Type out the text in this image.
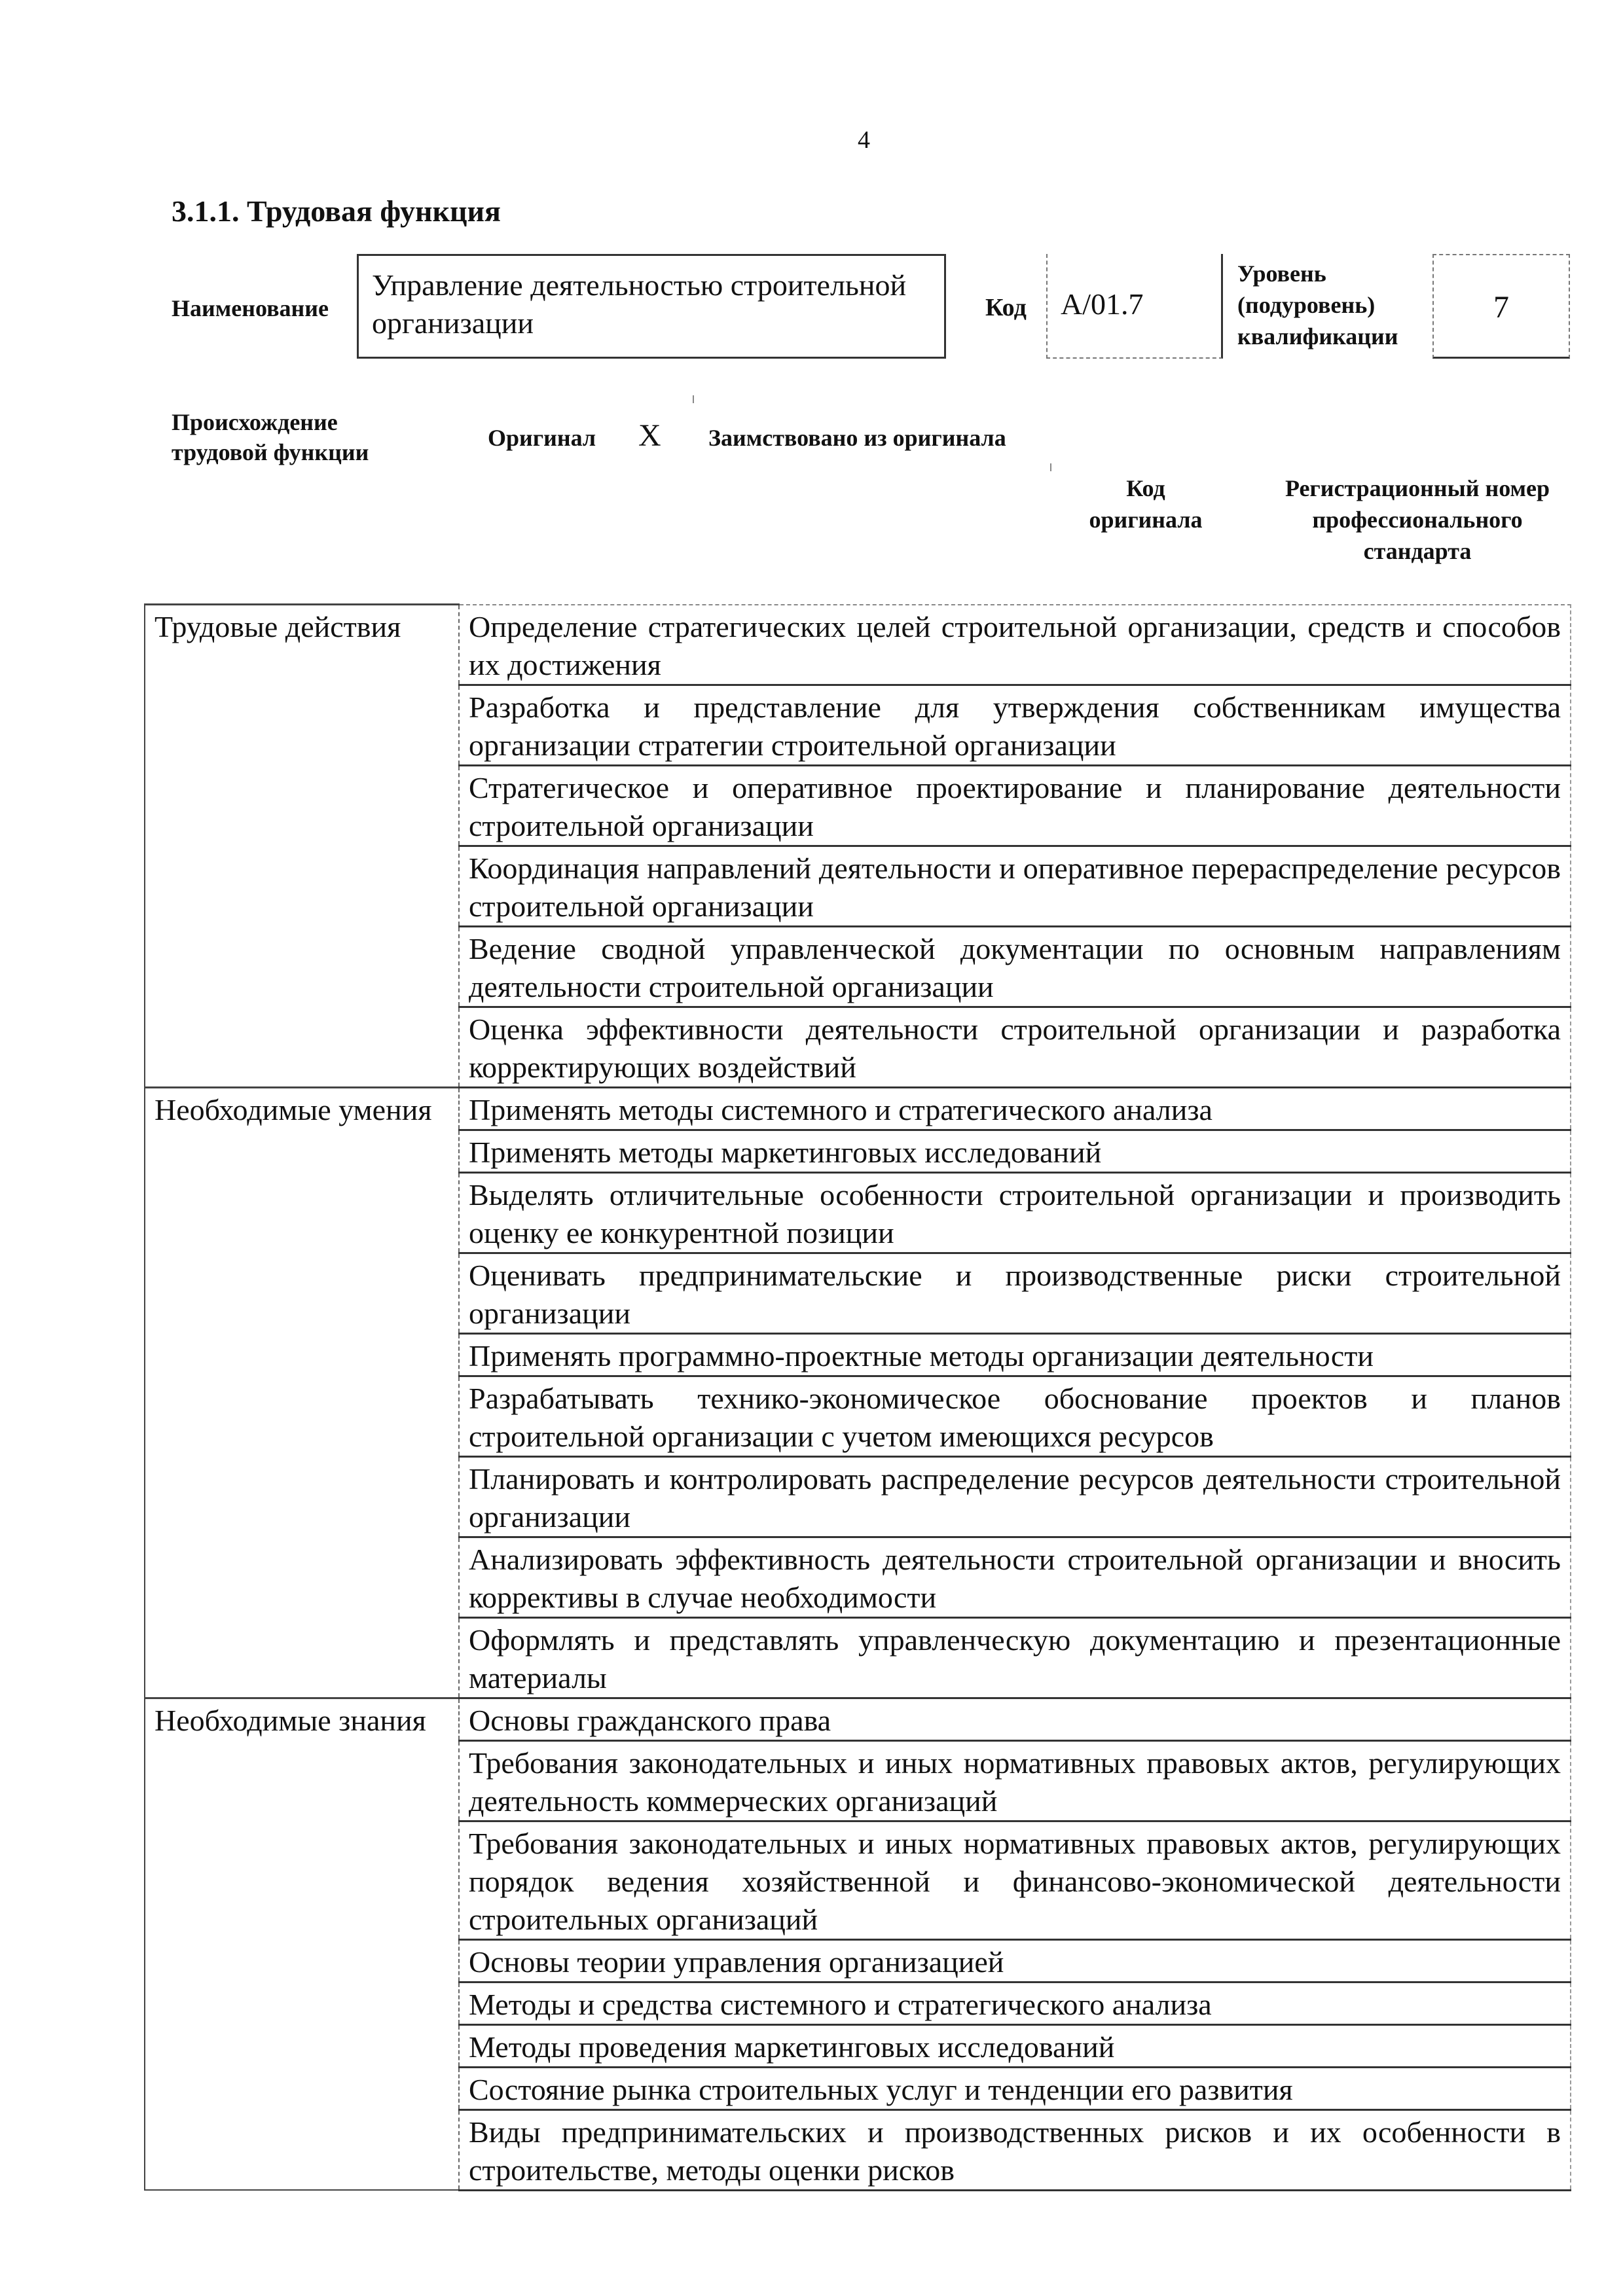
4
3.1.1. Трудовая функция
Наименование
Управление деятельностью строительной организации	Код	А/01.7
Уровень (подуровень) квалификации
7
Происхождение трудовой функции
Оригинал X Заимствовано из оригинала
Код оригинала
Регистрационный номер профессионального стандарта
Трудовые действия	Определение стратегических целей строительной организации, средств и способов их достижения
	Разработка и представление для утверждения собственникам имущества организации стратегии строительной организации
	Стратегическое и оперативное проектирование и планирование деятельности строительной организации
	Координация направлений деятельности и оперативное перераспределение ресурсов строительной организации
	Ведение сводной управленческой документации по основным направлениям деятельности строительной организации
	Оценка эффективности деятельности строительной организации и разработка корректирующих воздействий
Необходимые умения	Применять методы системного и стратегического анализа
	Применять методы маркетинговых исследований
	Выделять отличительные особенности строительной организации и производить оценку ее конкурентной позиции
	Оценивать предпринимательские и производственные риски строительной организации
	Применять программно-проектные методы организации деятельности
	Разрабатывать технико-экономическое обоснование проектов и планов строительной организации с учетом имеющихся ресурсов
	Планировать и контролировать распределение ресурсов деятельности строительной организации
	Анализировать эффективность деятельности строительной организации и вносить коррективы в случае необходимости
	Оформлять и представлять управленческую документацию и презентационные материалы
Необходимые знания	Основы гражданского права
	Требования законодательных и иных нормативных правовых актов, регулирующих деятельность коммерческих организаций
	Требования законодательных и иных нормативных правовых актов, регулирующих порядок ведения хозяйственной и финансово-экономической деятельности строительных организаций
	Основы теории управления организацией
	Методы и средства системного и стратегического анализа
	Методы проведения маркетинговых исследований
	Состояние рынка строительных услуг и тенденции его развития
	Виды предпринимательских и производственных рисков и их особенности в строительстве, методы оценки рисков
